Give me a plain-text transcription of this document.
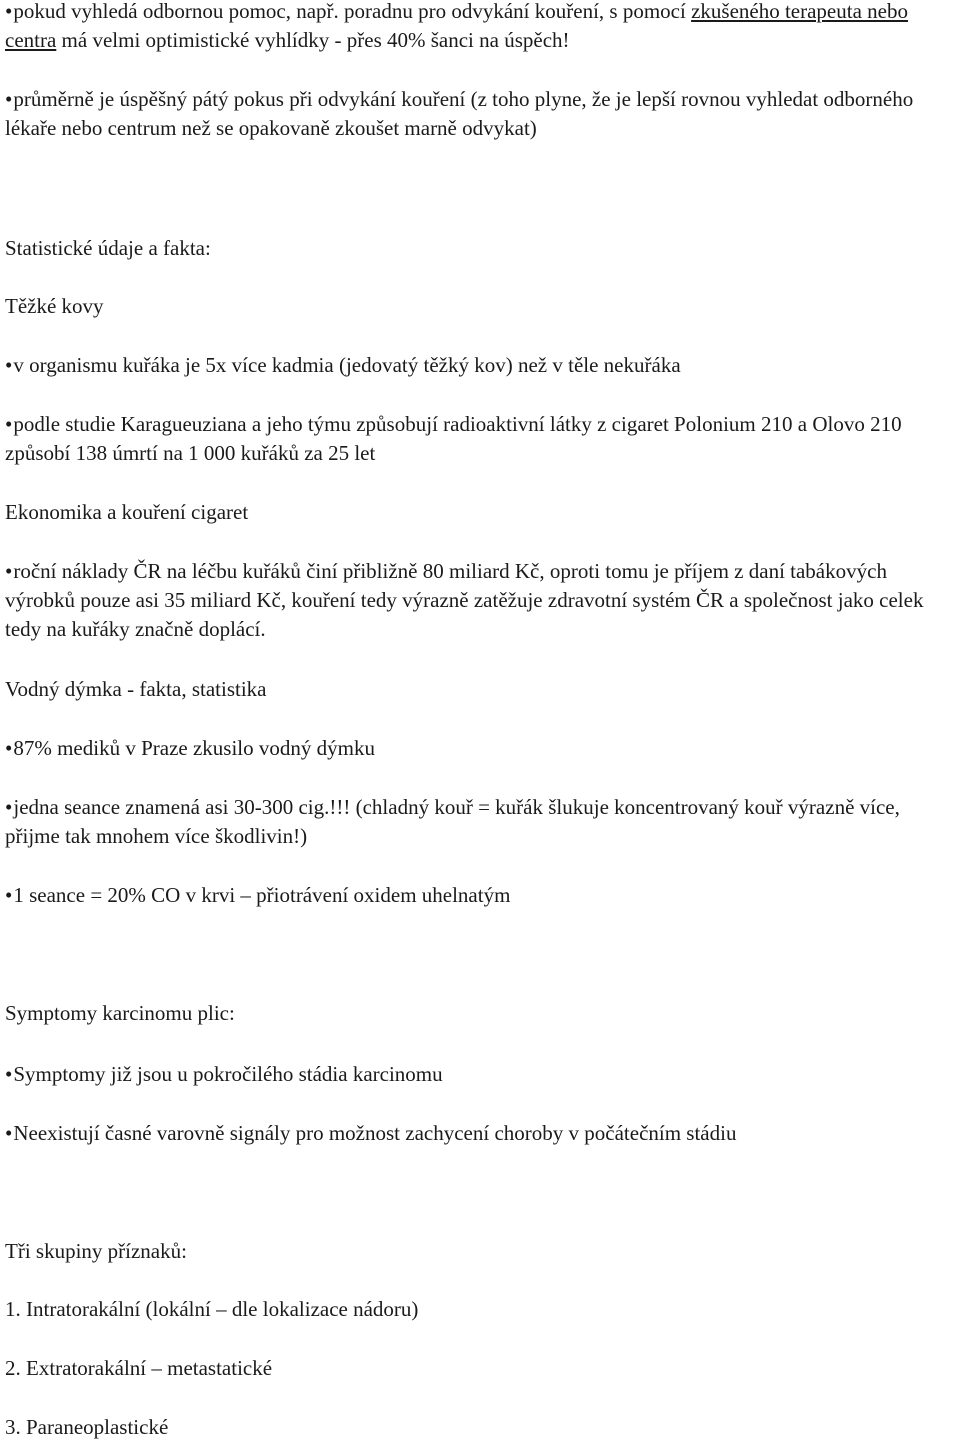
• pokud vyhledá odbornou pomoc, např. poradnu pro odvykání kouření, s pomocí zkušeného terapeuta nebo centra má velmi optimistické vyhlídky - přes 40% šanci na úspěch!

• průměrně je úspěšný pátý pokus při odvykání kouření (z toho plyne, že je lepší rovnou vyhledat odborného lékaře nebo centrum než se opakovaně zkoušet marně odvykat)

Statistické údaje a fakta:

Těžké kovy

• v organismu kuřáka je 5x více kadmia (jedovatý těžký kov) než v těle nekuřáka

• podle studie Karagueuziana a jeho týmu způsobují radioaktivní látky z cigaret Polonium 210 a Olovo 210 způsobí 138 úmrtí na 1 000 kuřáků za 25 let

Ekonomika a kouření cigaret

• roční náklady ČR na léčbu kuřáků činí přibližně 80 miliard Kč, oproti tomu je příjem z daní tabákových výrobků pouze asi 35 miliard Kč, kouření tedy výrazně zatěžuje zdravotní systém ČR a společnost jako celek tedy na kuřáky značně doplácí.

Vodný dýmka - fakta, statistika

• 87% mediků v Praze zkusilo vodný dýmku

• jedna seance znamená asi 30-300 cig.!!! (chladný kouř = kuřák šlukuje koncentrovaný kouř výrazně více, přijme tak mnohem více škodlivin!)

• 1 seance = 20% CO v krvi – přiotrávení oxidem uhelnatým

Symptomy karcinomu plic:

• Symptomy již jsou u pokročilého stádia karcinomu

• Neexistují časné varovně signály pro možnost zachycení choroby v počátečním stádiu

Tři skupiny příznaků:

1. Intratorakální (lokální – dle lokalizace nádoru)

2. Extratorakální – metastatické

3. Paraneoplastické
